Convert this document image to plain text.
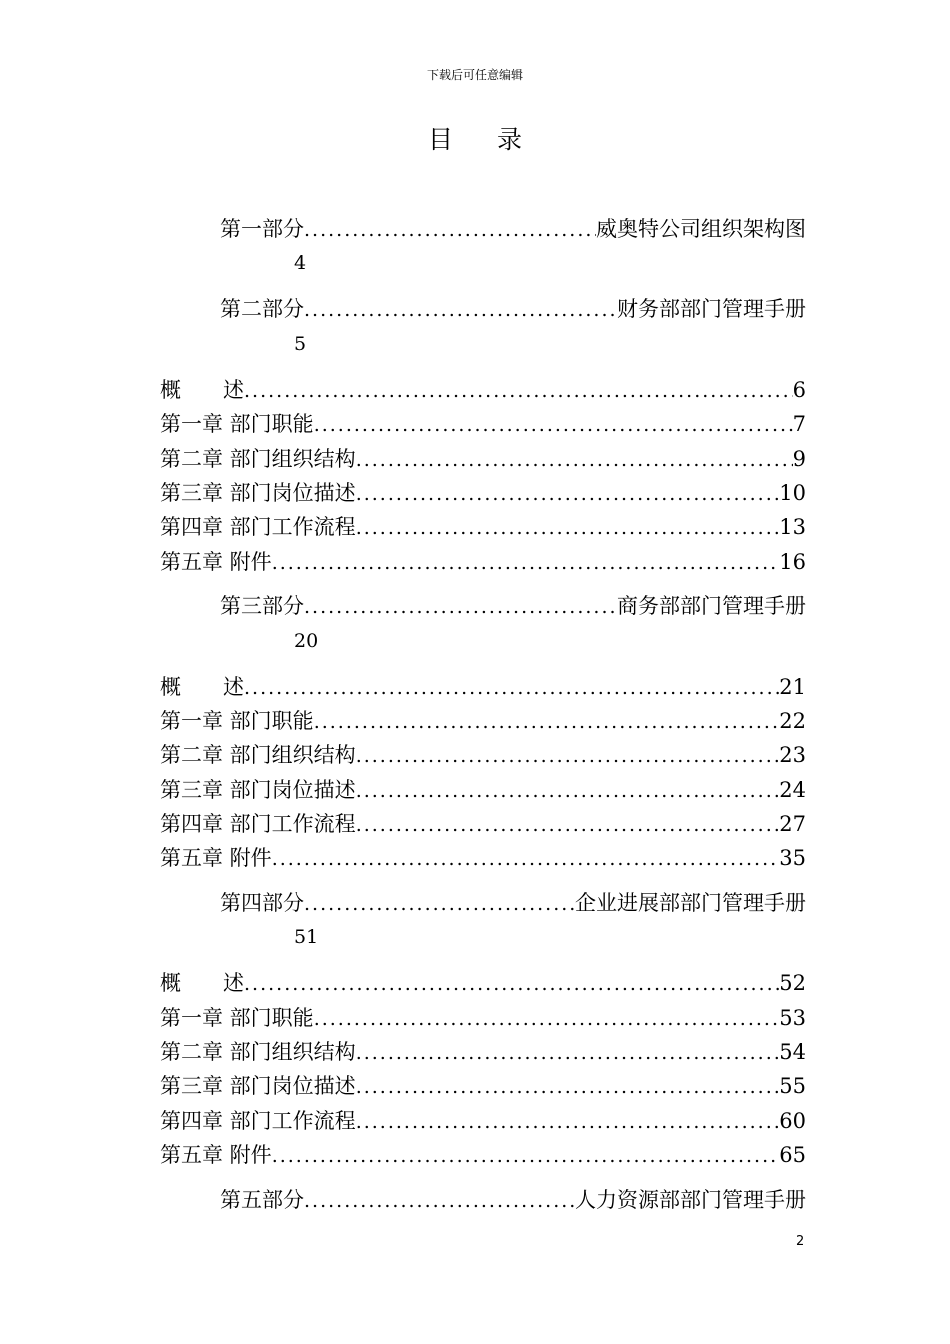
下载后可任意编辑
目录
第一部分 .....	威奥特公司组织架构图
4
第二部分 .....	财务部部门管理手册
5
概　　述 .....	6
第一章 部门职能 .....	7
第二章 部门组织结构 .....	9
第三章 部门岗位描述 .....	10
第四章 部门工作流程 .....	13
第五章 附件 .....	16
第三部分 .....	商务部部门管理手册
20
概　　述 .....	21
第一章 部门职能 .....	22
第二章 部门组织结构 .....	23
第三章 部门岗位描述 .....	24
第四章 部门工作流程 .....	27
第五章 附件 .....	35
第四部分 .....	企业进展部部门管理手册
51
概　　述 .....	52
第一章 部门职能 .....	53
第二章 部门组织结构 .....	54
第三章 部门岗位描述 .....	55
第四章 部门工作流程 .....	60
第五章 附件 .....	65
第五部分 .....	人力资源部部门管理手册
2
